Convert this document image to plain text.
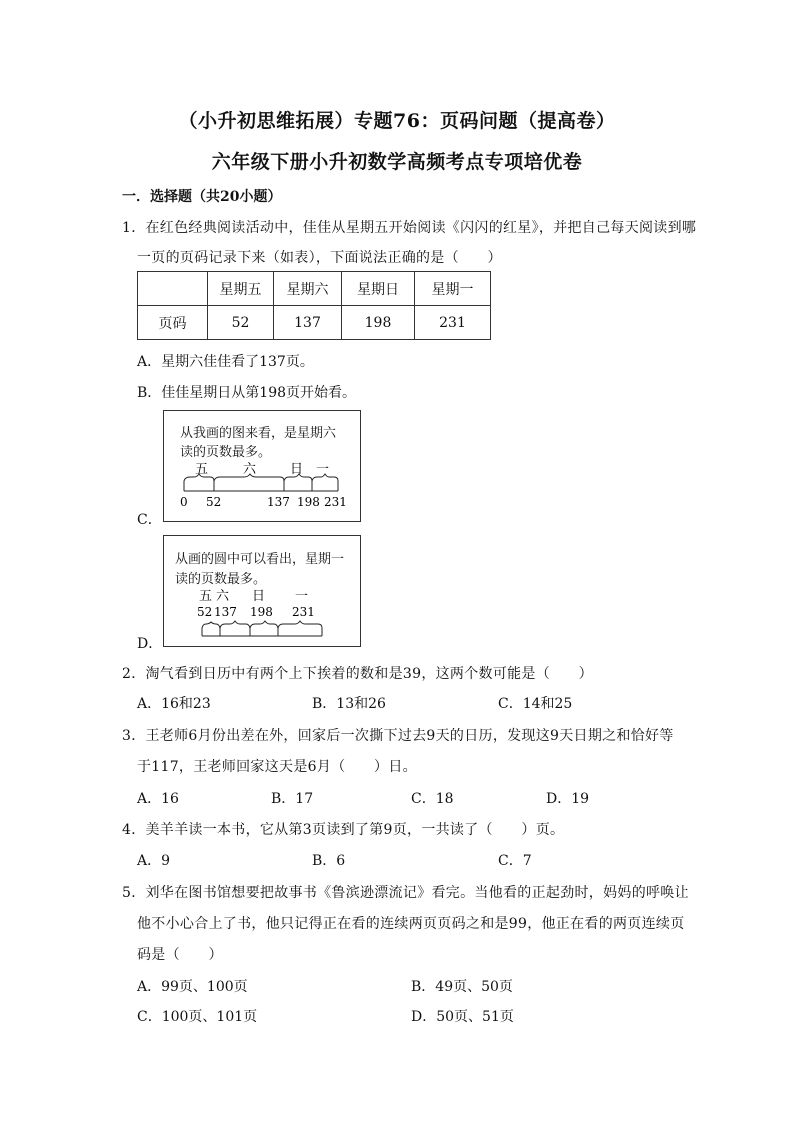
（小升初思维拓展）专题76：页码问题（提高卷）
六年级下册小升初数学高频考点专项培优卷
一．选择题（共20小题）
1．在红色经典阅读活动中，佳佳从星期五开始阅读《闪闪的红星》，并把自己每天阅读到哪
一页的页码记录下来（如表），下面说法正确的是（　　）
	星期五	星期六	星期日	星期一
页码	52	137	198	231
A．星期六佳佳看了137页。
B．佳佳星期日从第198页开始看。
从我画的图来看，是星期六
读的页数最多。
五	六	日 一
0 52	137 198 231
C．
从画的圆中可以看出，星期一
读的页数最多。
五 六 日 一
52 137 198 231
D．
2．淘气看到日历中有两个上下挨着的数和是39，这两个数可能是（　　）
A．16和23	B．13和26	C．14和25
3．王老师6月份出差在外，回家后一次撕下过去9天的日历，发现这9天日期之和恰好等
于117，王老师回家这天是6月（　　）日。
A．16	B．17	C．18	D．19
4．美羊羊读一本书，它从第3页读到了第9页，一共读了（　　）页。
A．9	B．6	C．7
5．刘华在图书馆想要把故事书《鲁滨逊漂流记》看完。当他看的正起劲时，妈妈的呼唤让
他不小心合上了书，他只记得正在看的连续两页页码之和是99，他正在看的两页连续页
码是（　　）
A．99页、100页	B．49页、50页
C．100页、101页	D．50页、51页
